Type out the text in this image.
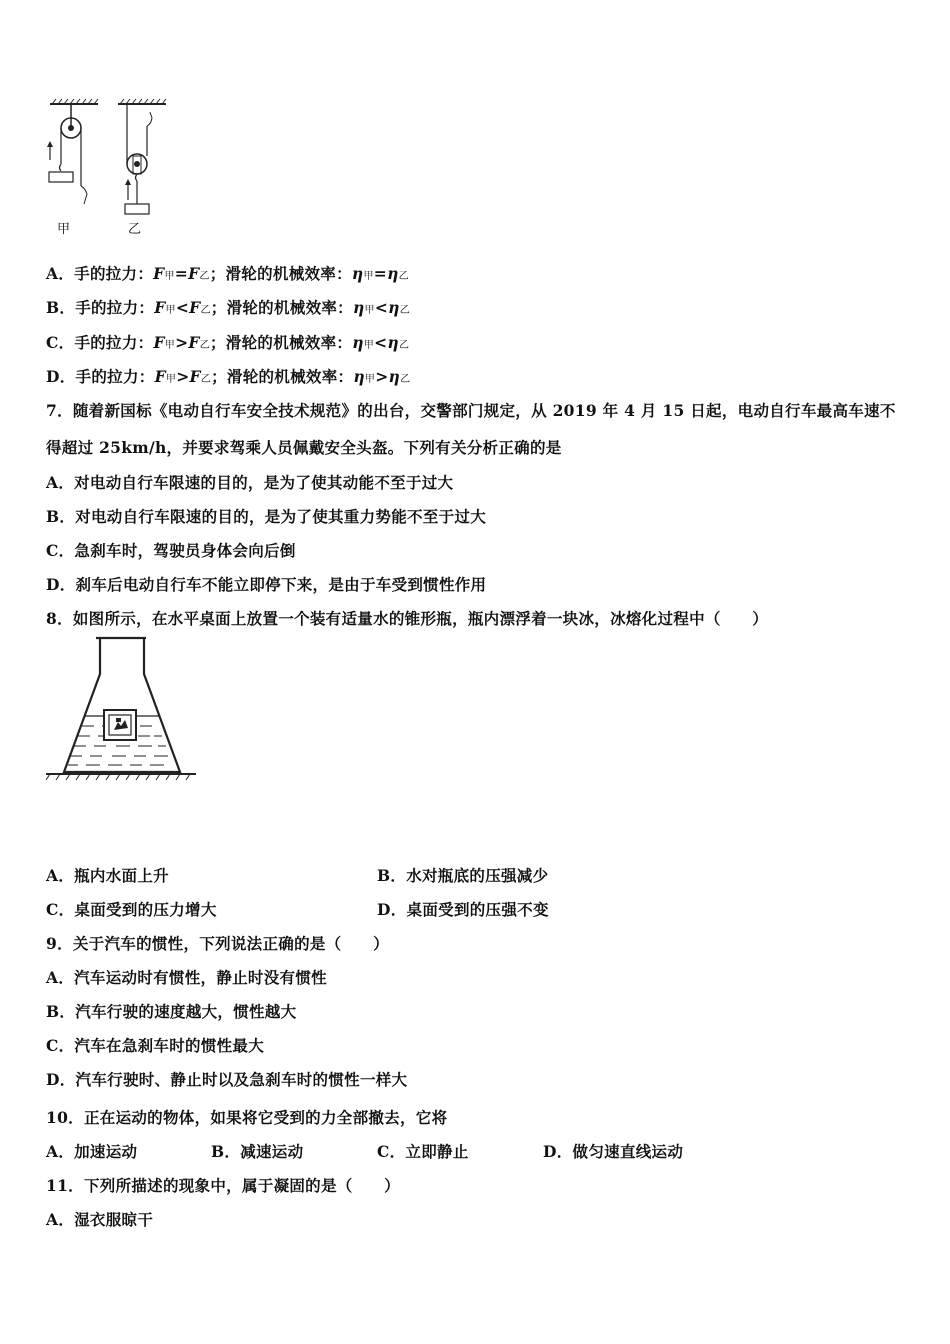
甲	乙
A．手的拉力：F甲=F乙；滑轮的机械效率：η甲=η乙
B．手的拉力：F甲<F乙；滑轮的机械效率：η甲<η乙
C．手的拉力：F甲>F乙；滑轮的机械效率：η甲<η乙
D．手的拉力：F甲>F乙；滑轮的机械效率：η甲>η乙
7．随着新国标《电动自行车安全技术规范》的出台，交警部门规定，从 2019 年 4 月 15 日起，电动自行车最高车速不
得超过 25km/h，并要求驾乘人员佩戴安全头盔。下列有关分析正确的是
A．对电动自行车限速的目的，是为了使其动能不至于过大
B．对电动自行车限速的目的，是为了使其重力势能不至于过大
C．急刹车时，驾驶员身体会向后倒
D．刹车后电动自行车不能立即停下来，是由于车受到惯性作用
8．如图所示，在水平桌面上放置一个装有适量水的锥形瓶，瓶内漂浮着一块冰，冰熔化过程中（　　）
A．瓶内水面上升	B．水对瓶底的压强减少
C．桌面受到的压力增大	D．桌面受到的压强不变
9．关于汽车的惯性，下列说法正确的是（　　）
A．汽车运动时有惯性，静止时没有惯性
B．汽车行驶的速度越大，惯性越大
C．汽车在急刹车时的惯性最大
D．汽车行驶时、静止时以及急刹车时的惯性一样大
10．正在运动的物体，如果将它受到的力全部撤去，它将
A．加速运动	B．减速运动	C．立即静止	D．做匀速直线运动
11．下列所描述的现象中，属于凝固的是（　　）
A．湿衣服晾干
